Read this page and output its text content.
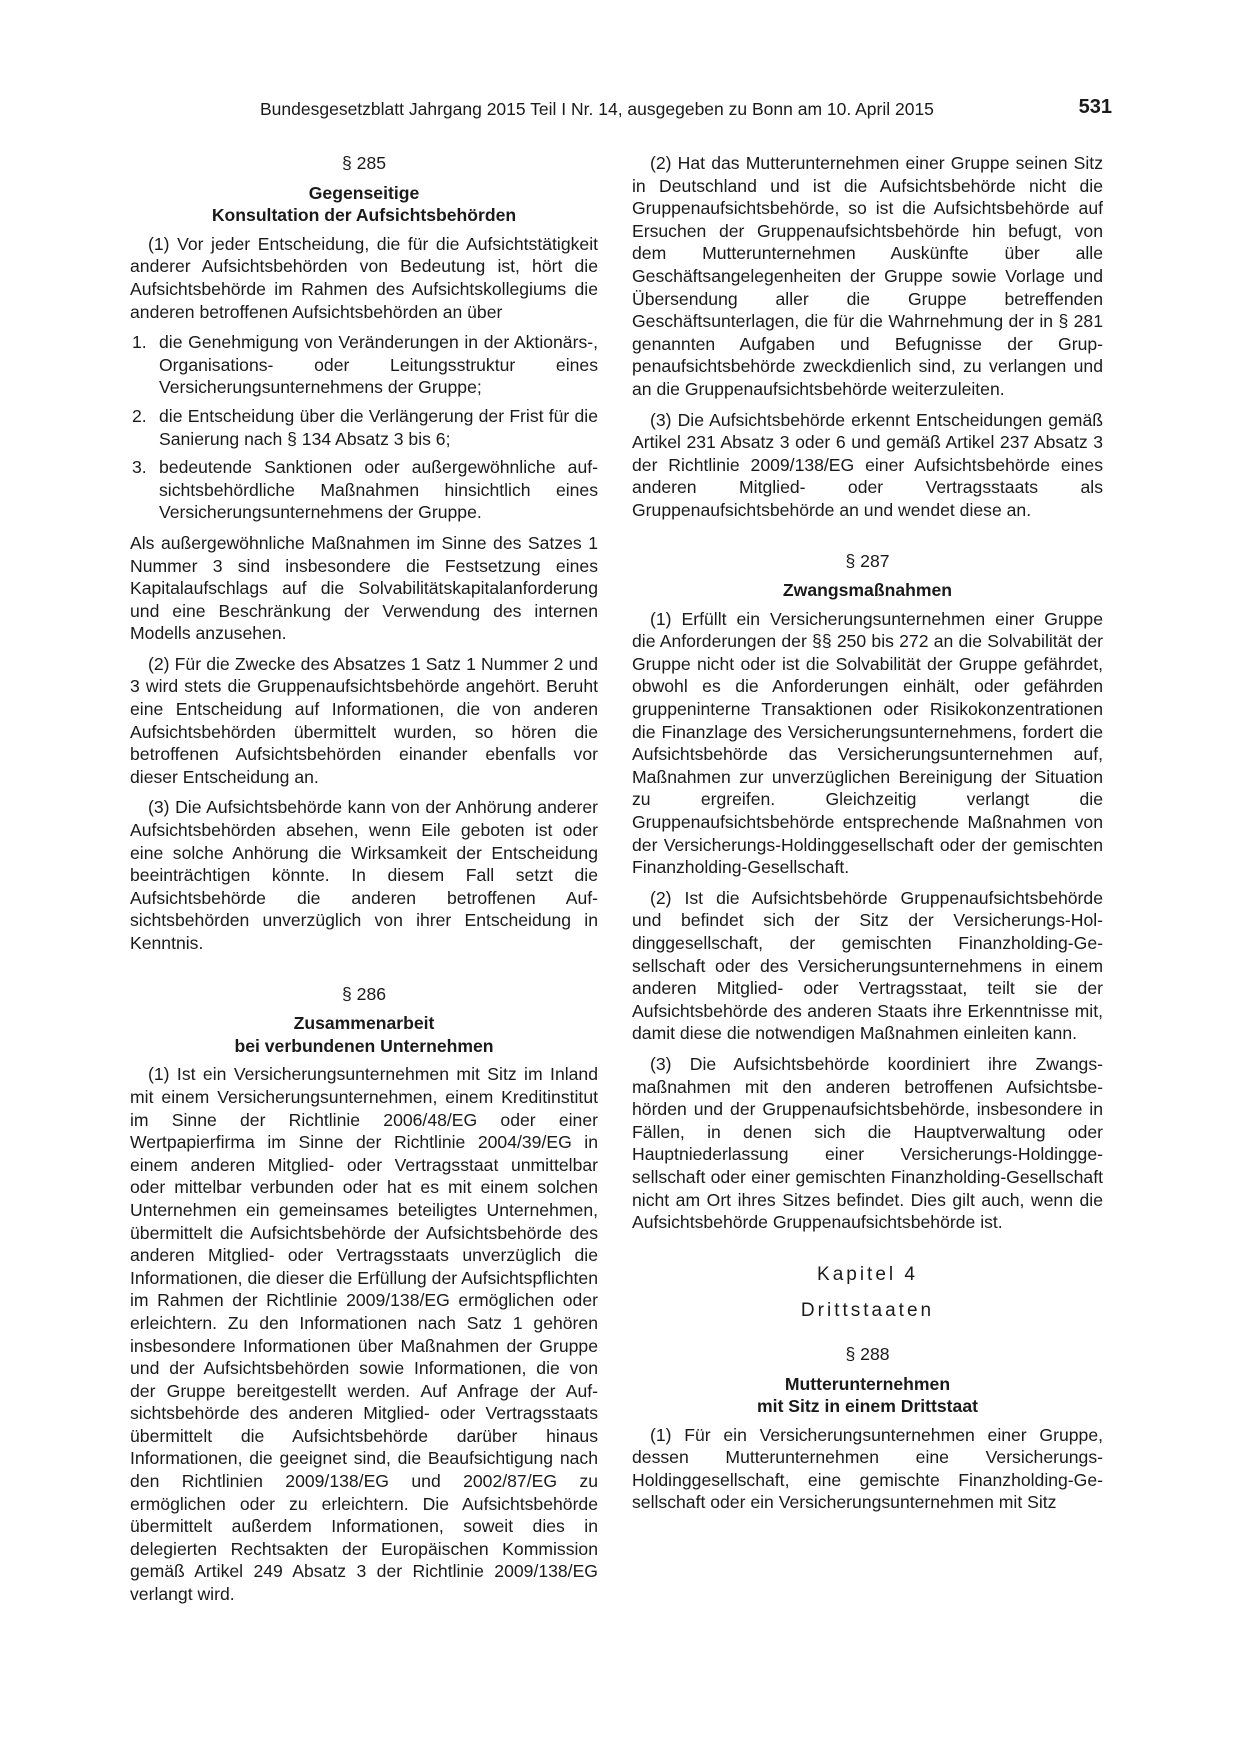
Bundesgesetzblatt Jahrgang 2015 Teil I Nr. 14, ausgegeben zu Bonn am 10. April 2015	531
§ 285
Gegenseitige
Konsultation der Aufsichtsbehörden

(1) Vor jeder Entscheidung, die für die Aufsichtstätigkeit anderer Aufsichtsbehörden von Bedeutung ist, hört die Aufsichtsbehörde im Rahmen des Aufsichtskollegiums die anderen betroffenen Aufsichtsbehörden an über

1. die Genehmigung von Veränderungen in der Aktionärs-, Organisations- oder Leitungsstruktur eines Versicherungsunternehmens der Gruppe;
2. die Entscheidung über die Verlängerung der Frist für die Sanierung nach § 134 Absatz 3 bis 6;
3. bedeutende Sanktionen oder außergewöhnliche aufsichtsbehördliche Maßnahmen hinsichtlich eines Versicherungsunternehmens der Gruppe.

Als außergewöhnliche Maßnahmen im Sinne des Satzes 1 Nummer 3 sind insbesondere die Festsetzung eines Kapitalaufschlags auf die Solvabilitätskapitalanforderung und eine Beschränkung der Verwendung des internen Modells anzusehen.

(2) Für die Zwecke des Absatzes 1 Satz 1 Nummer 2 und 3 wird stets die Gruppenaufsichtsbehörde angehört. Beruht eine Entscheidung auf Informationen, die von anderen Aufsichtsbehörden übermittelt wurden, so hören die betroffenen Aufsichtsbehörden einander ebenfalls vor dieser Entscheidung an.

(3) Die Aufsichtsbehörde kann von der Anhörung anderer Aufsichtsbehörden absehen, wenn Eile geboten ist oder eine solche Anhörung die Wirksamkeit der Entscheidung beeinträchtigen könnte. In diesem Fall setzt die Aufsichtsbehörde die anderen betroffenen Aufsichtsbehörden unverzüglich von ihrer Entscheidung in Kenntnis.

§ 286
Zusammenarbeit
bei verbundenen Unternehmen

(1) Ist ein Versicherungsunternehmen mit Sitz im Inland mit einem Versicherungsunternehmen, einem Kreditinstitut im Sinne der Richtlinie 2006/48/EG oder einer Wertpapierfirma im Sinne der Richtlinie 2004/39/EG in einem anderen Mitglied- oder Vertragsstaat unmittelbar oder mittelbar verbunden oder hat es mit einem solchen Unternehmen ein gemeinsames beteiligtes Unternehmen, übermittelt die Aufsichtsbehörde der Aufsichtsbehörde des anderen Mitglied- oder Vertragsstaats unverzüglich die Informationen, die dieser die Erfüllung der Aufsichtspflichten im Rahmen der Richtlinie 2009/138/EG ermöglichen oder erleichtern. Zu den Informationen nach Satz 1 gehören insbesondere Informationen über Maßnahmen der Gruppe und der Aufsichtsbehörden sowie Informationen, die von der Gruppe bereitgestellt werden. Auf Anfrage der Aufsichtsbehörde des anderen Mitglied- oder Vertragsstaats übermittelt die Aufsichtsbehörde darüber hinaus Informationen, die geeignet sind, die Beaufsichtigung nach den Richtlinien 2009/138/EG und 2002/87/EG zu ermöglichen oder zu erleichtern. Die Aufsichtsbehörde übermittelt außerdem Informationen, soweit dies in delegierten Rechtsakten der Europäischen Kommission gemäß Artikel 249 Absatz 3 der Richtlinie 2009/138/EG verlangt wird.

(2) Hat das Mutterunternehmen einer Gruppe seinen Sitz in Deutschland und ist die Aufsichtsbehörde nicht die Gruppenaufsichtsbehörde, so ist die Aufsichtsbehörde auf Ersuchen der Gruppenaufsichtsbehörde hin befugt, von dem Mutterunternehmen Auskünfte über alle Geschäftsangelegenheiten der Gruppe sowie Vorlage und Übersendung aller die Gruppe betreffenden Geschäftsunterlagen, die für die Wahrnehmung der in § 281 genannten Aufgaben und Befugnisse der Gruppenaufsichtsbehörde zweckdienlich sind, zu verlangen und an die Gruppenaufsichtsbehörde weiterzuleiten.

(3) Die Aufsichtsbehörde erkennt Entscheidungen gemäß Artikel 231 Absatz 3 oder 6 und gemäß Artikel 237 Absatz 3 der Richtlinie 2009/138/EG einer Aufsichtsbehörde eines anderen Mitglied- oder Vertragsstaats als Gruppenaufsichtsbehörde an und wendet diese an.

§ 287
Zwangsmaßnahmen

(1) Erfüllt ein Versicherungsunternehmen einer Gruppe die Anforderungen der §§ 250 bis 272 an die Solvabilität der Gruppe nicht oder ist die Solvabilität der Gruppe gefährdet, obwohl es die Anforderungen einhält, oder gefährden gruppeninterne Transaktionen oder Risikokonzentrationen die Finanzlage des Versicherungsunternehmens, fordert die Aufsichtsbehörde das Versicherungsunternehmen auf, Maßnahmen zur unverzüglichen Bereinigung der Situation zu ergreifen. Gleichzeitig verlangt die Gruppenaufsichtsbehörde entsprechende Maßnahmen von der Versicherungs-Holdinggesellschaft oder der gemischten Finanzholding-Gesellschaft.

(2) Ist die Aufsichtsbehörde Gruppenaufsichtsbehörde und befindet sich der Sitz der Versicherungs-Holdinggesellschaft, der gemischten Finanzholding-Gesellschaft oder des Versicherungsunternehmens in einem anderen Mitglied- oder Vertragsstaat, teilt sie der Aufsichtsbehörde des anderen Staats ihre Erkenntnisse mit, damit diese die notwendigen Maßnahmen einleiten kann.

(3) Die Aufsichtsbehörde koordiniert ihre Zwangsmaßnahmen mit den anderen betroffenen Aufsichtsbehörden und der Gruppenaufsichtsbehörde, insbesondere in Fällen, in denen sich die Hauptverwaltung oder Hauptniederlassung einer Versicherungs-Holdinggesellschaft oder einer gemischten Finanzholding-Gesellschaft nicht am Ort ihres Sitzes befindet. Dies gilt auch, wenn die Aufsichtsbehörde Gruppenaufsichtsbehörde ist.

Kapitel 4
Drittstaaten
§ 288
Mutterunternehmen
mit Sitz in einem Drittstaat

(1) Für ein Versicherungsunternehmen einer Gruppe, dessen Mutterunternehmen eine Versicherungs-Holdinggesellschaft, eine gemischte Finanzholding-Gesellschaft oder ein Versicherungsunternehmen mit Sitz
